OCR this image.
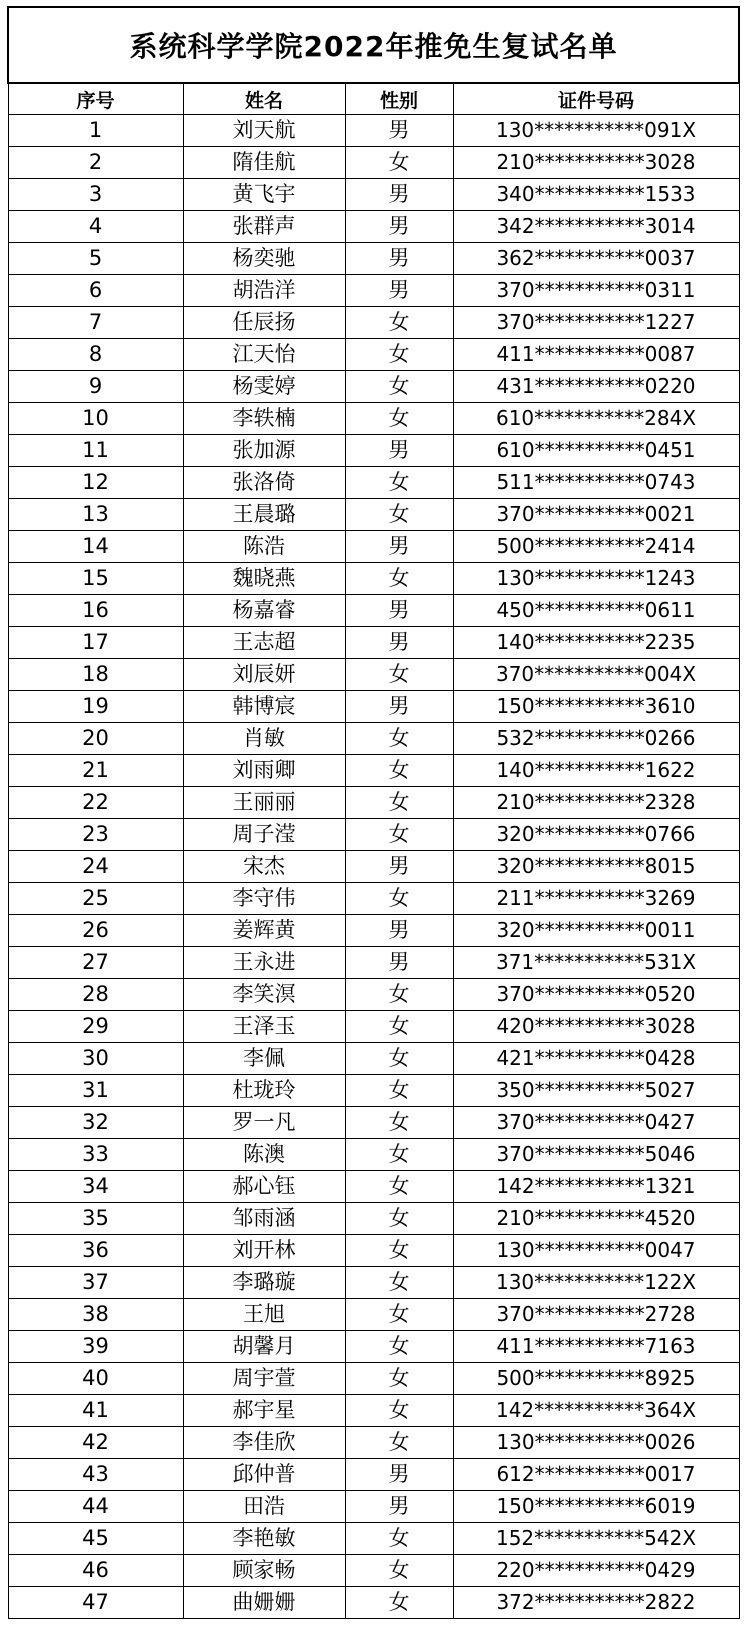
系统科学学院2022年推免生复试名单			
序号	姓名	性别	证件号码
1	刘天航	男	130***********091X
2	隋佳航	女	210***********3028
3	黄飞宇	男	340***********1533
4	张群声	男	342***********3014
5	杨奕驰	男	362***********0037
6	胡浩洋	男	370***********0311
7	任辰扬	女	370***********1227
8	江天怡	女	411***********0087
9	杨雯婷	女	431***********0220
10	李轶楠	女	610***********284X
11	张加源	男	610***********0451
12	张洛倚	女	511***********0743
13	王晨璐	女	370***********0021
14	陈浩	男	500***********2414
15	魏晓燕	女	130***********1243
16	杨嘉睿	男	450***********0611
17	王志超	男	140***********2235
18	刘辰妍	女	370***********004X
19	韩博宸	男	150***********3610
20	肖敏	女	532***********0266
21	刘雨卿	女	140***********1622
22	王丽丽	女	210***********2328
23	周子滢	女	320***********0766
24	宋杰	男	320***********8015
25	李守伟	女	211***********3269
26	姜辉黄	男	320***********0011
27	王永进	男	371***********531X
28	李笑溟	女	370***********0520
29	王泽玉	女	420***********3028
30	李佩	女	421***********0428
31	杜珑玲	女	350***********5027
32	罗一凡	女	370***********0427
33	陈澳	女	370***********5046
34	郝心钰	女	142***********1321
35	邹雨涵	女	210***********4520
36	刘开林	女	130***********0047
37	李璐璇	女	130***********122X
38	王旭	女	370***********2728
39	胡馨月	女	411***********7163
40	周宇萱	女	500***********8925
41	郝宇星	女	142***********364X
42	李佳欣	女	130***********0026
43	邱仲普	男	612***********0017
44	田浩	男	150***********6019
45	李艳敏	女	152***********542X
46	顾家畅	女	220***********0429
47	曲姗姗	女	372***********2822
